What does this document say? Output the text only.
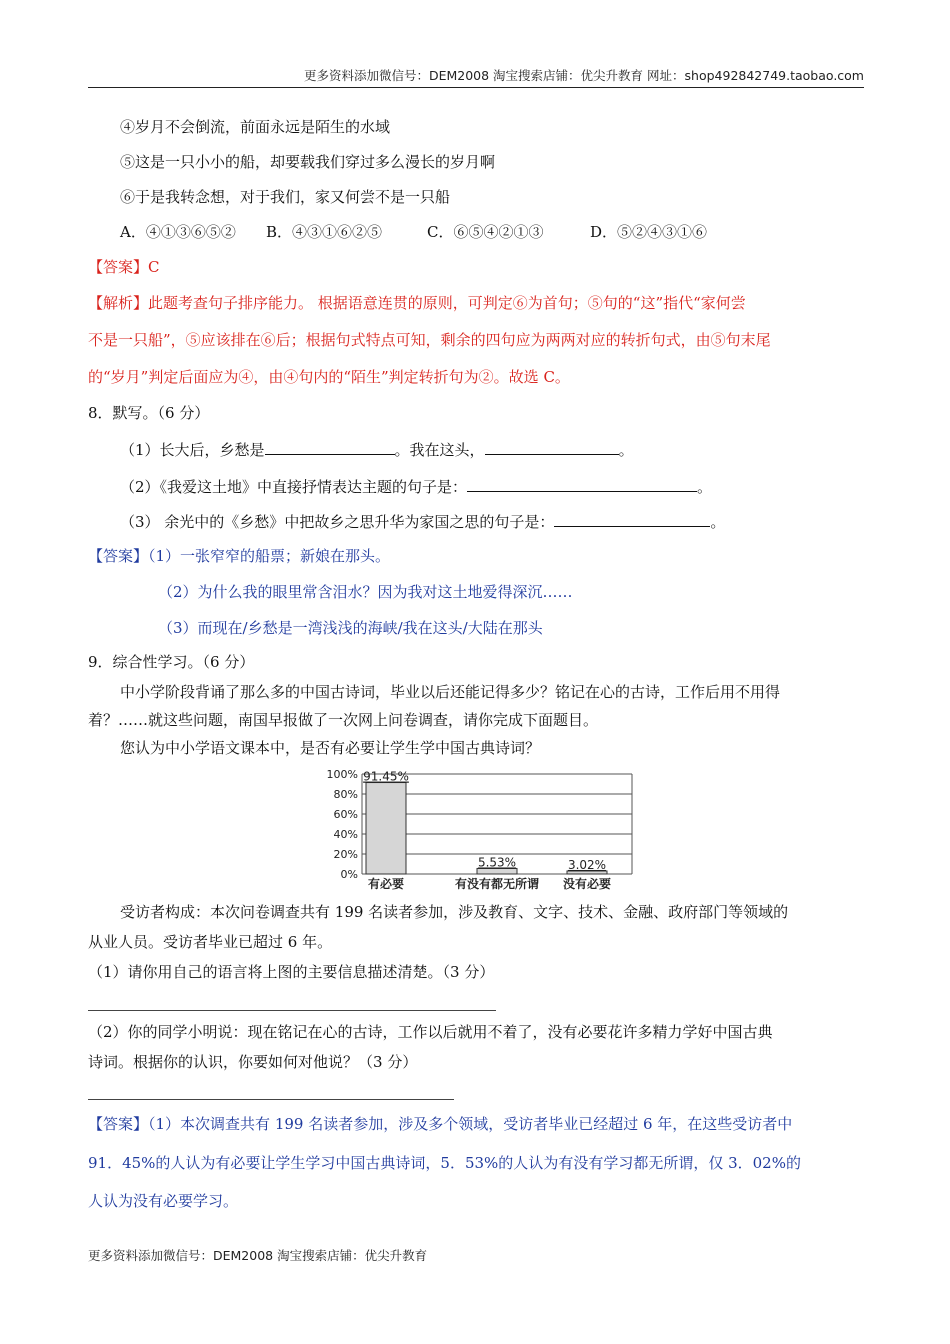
更多资料添加微信号：DEM2008 淘宝搜索店铺：优尖升教育 网址：shop492842749.taobao.com
④岁月不会倒流，前面永远是陌生的水域
⑤这是一只小小的船，却要载我们穿过多么漫长的岁月啊
⑥于是我转念想，对于我们，家又何尝不是一只船
A．④①③⑥⑤② B．④③①⑥②⑤	C．⑥⑤④②①③	D．⑤②④③①⑥
【答案】C
【解析】此题考查句子排序能力。 根据语意连贯的原则，可判定⑥为首句；⑤句的“这”指代“家何尝
不是一只船”，⑤应该排在⑥后；根据句式特点可知，剩余的四句应为两两对应的转折句式，由⑤句末尾
的“岁月”判定后面应为④，由④句内的“陌生”判定转折句为②。故选 C。
8．默写。（6 分）
（1）长大后，乡愁是	。我在这头，	。
（2）《我爱这土地》中直接抒情表达主题的句子是：	。
（3） 余光中的《乡愁》中把故乡之思升华为家国之思的句子是：	。
【答案】（1）一张窄窄的船票；新娘在那头。
（2）为什么我的眼里常含泪水？因为我对这土地爱得深沉……
（3）而现在/乡愁是一湾浅浅的海峡/我在这头/大陆在那头
9．综合性学习。（6 分）
中小学阶段背诵了那么多的中国古诗词，毕业以后还能记得多少？铭记在心的古诗，工作后用不用得
着？……就这些问题，南国早报做了一次网上问卷调查，请你完成下面题目。
您认为中小学语文课本中，是否有必要让学生学中国古典诗词？
0%
20%
40%
60%
80%
100%
有必要	有没有都无所谓 没有必要
91.45%
5.53%	3.02%
受访者构成：本次问卷调查共有 199 名读者参加，涉及教育、文字、技术、金融、政府部门等领域的
从业人员。受访者毕业已超过 6 年。
（1）请你用自己的语言将上图的主要信息描述清楚。（3 分）
（2）你的同学小明说：现在铭记在心的古诗，工作以后就用不着了，没有必要花许多精力学好中国古典
诗词。根据你的认识，你要如何对他说？（3 分）
【答案】（1）本次调查共有 199 名读者参加，涉及多个领域，受访者毕业已经超过 6 年，在这些受访者中
91．45%的人认为有必要让学生学习中国古典诗词，5．53%的人认为有没有学习都无所谓，仅 3．02%的
人认为没有必要学习。
更多资料添加微信号：DEM2008 淘宝搜索店铺：优尖升教育
